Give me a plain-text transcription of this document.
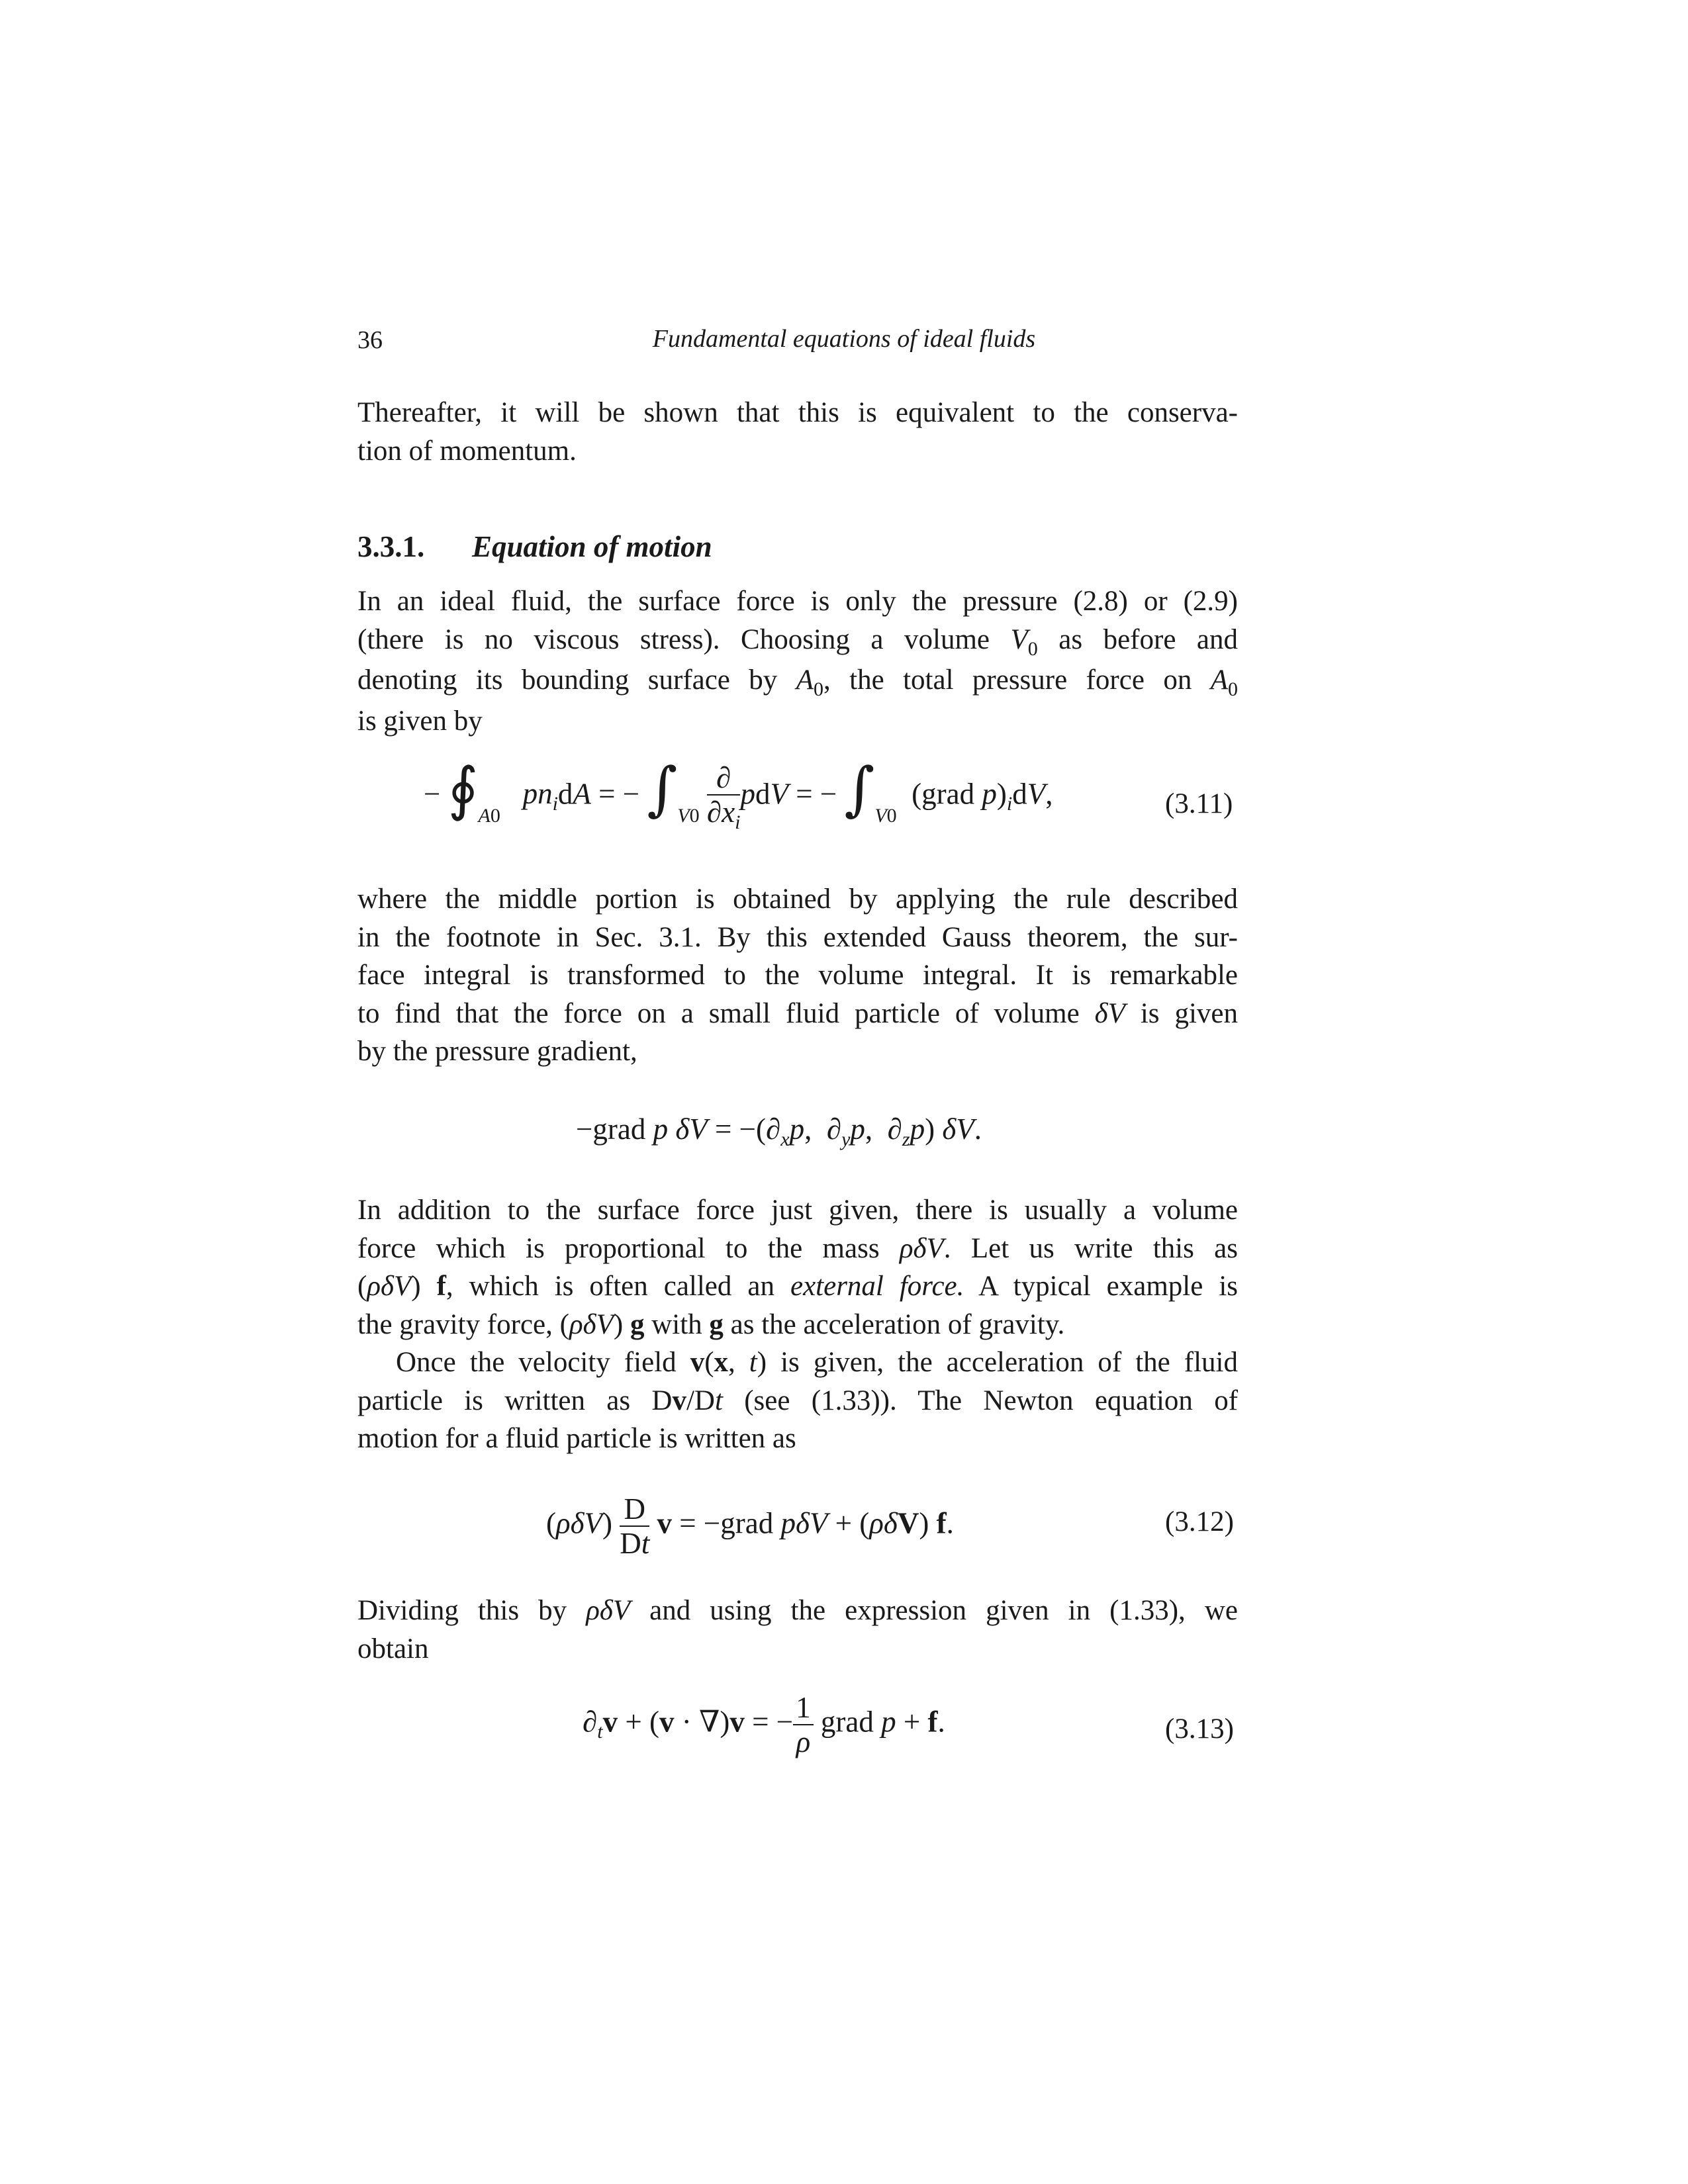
36	Fundamental equations of ideal fluids
Thereafter, it will be shown that this is equivalent to the conserva-
tion of momentum.
3.3.1. Equation of motion
In an ideal fluid, the surface force is only the pressure (2.8) or (2.9)
(there is no viscous stress). Choosing a volume $V_0$ as before and
denoting its bounding surface by $A_0$, the total pressure force on $A_0$
is given by
− $∮_{A0}$   $pn_idA$ = − $\int_{V0} \frac{\partial}{\partial x_i}$ pdV = − $\int_{V0}$  (grad $p)_idV$,	(3.11)
where the middle portion is obtained by applying the rule described
in the footnote in Sec. 3.1. By this extended Gauss theorem, the sur-
face integral is transformed to the volume integral. It is remarkable
to find that the force on a small fluid particle of volume δV is given
by the pressure gradient,
−grad p $\delta V = -(\partial_xp$,  $\partial_yp$,  $\partial_zp$) δV.
In addition to the surface force just given, there is usually a volume
force which is proportional to the mass ρδV. Let us write this as
(ρδV) f, which is often called an external force. A typical example is
the gravity force, (ρδV) g with g as the acceleration of gravity.
Once the velocity field v(x, t) is given, the acceleration of the fluid
particle is written as Dv/Dt (see (1.33)). The Newton equation of
motion for a fluid particle is written as
$(\rho\delta V) \frac{D}{Dt}$ v = −grad pδV + (ρδV) f.	(3.12)
Dividing this by ρδV and using the expression given in (1.33), we
obtain
$\partial_tv + (v \cdot \nabla)v$ = − $\frac{1}{\rho}$ grad p + f.	(3.13)
